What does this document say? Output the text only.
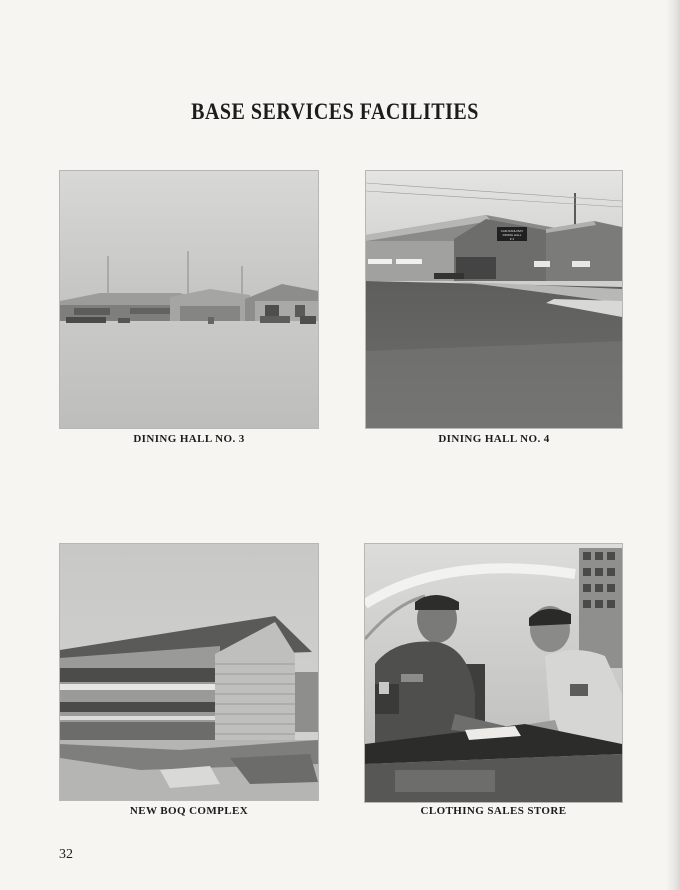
BASE SERVICES FACILITIES
DINING HALL NO. 3
CAM RANH BAY
DINING HALL
# 4
DINING HALL NO. 4
NEW BOQ COMPLEX	CLOTHING SALES STORE
32
